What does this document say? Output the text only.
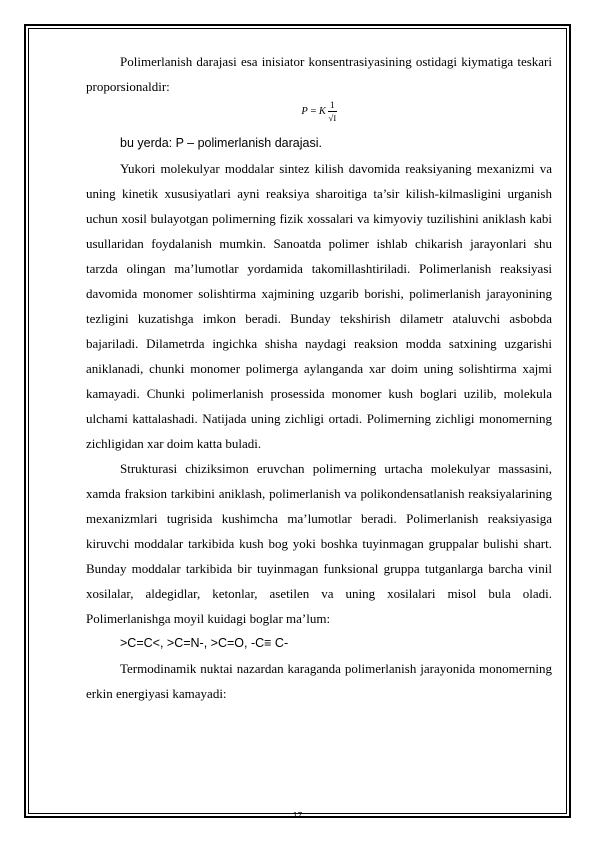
Polimerlanish darajasi esa inisiator konsentrasiyasining ostidagi kiymatiga teskari proporsionaldir:

P = K $\frac{1}{√I}$

bu yerda: P – polimerlanish darajasi.

Yukori molekulyar moddalar sintez kilish davomida reaksiyaning mexanizmi va uning kinetik xususiyatlari ayni reaksiya sharoitiga ta’sir kilish-kilmasligini urganish uchun xosil bulayotgan polimerning fizik xossalari va kimyoviy tuzilishini aniklash kabi usullaridan foydalanish mumkin. Sanoatda polimer ishlab chikarish jarayonlari shu tarzda olingan ma’lumotlar yordamida takomillashtiriladi. Polimerlanish reaksiyasi davomida monomer solishtirma xajmining uzgarib borishi, polimerlanish jarayonining tezligini kuzatishga imkon beradi. Bunday tekshirish dilametr ataluvchi asbobda bajariladi. Dilametrda ingichka shisha naydagi reaksion modda satxining uzgarishi aniklanadi, chunki monomer polimerga aylanganda xar doim uning solishtirma xajmi kamayadi. Chunki polimerlanish prosessida monomer kush boglari uzilib, molekula ulchami kattalashadi. Natijada uning zichligi ortadi. Polimerning zichligi monomerning zichligidan xar doim katta buladi.

Strukturasi chiziksimon eruvchan polimerning urtacha molekulyar massasini, xamda fraksion tarkibini aniklash, polimerlanish va polikondensatlanish reaksiyalarining mexanizmlari tugrisida kushimcha ma’lumotlar beradi. Polimerlanish reaksiyasiga kiruvchi moddalar tarkibida kush bog yoki boshka tuyinmagan gruppalar bulishi shart. Bunday moddalar tarkibida bir tuyinmagan funksional gruppa tutganlarga barcha vinil xosilalar, aldegidlar, ketonlar, asetilen va uning xosilalari misol bula oladi. Polimerlanishga moyil kuidagi boglar ma’lum:

>C=C<, >C=N-, >C=O, -C≡ C-

Termodinamik nuktai nazardan karaganda polimerlanish jarayonida monomerning erkin energiyasi kamayadi:

17
